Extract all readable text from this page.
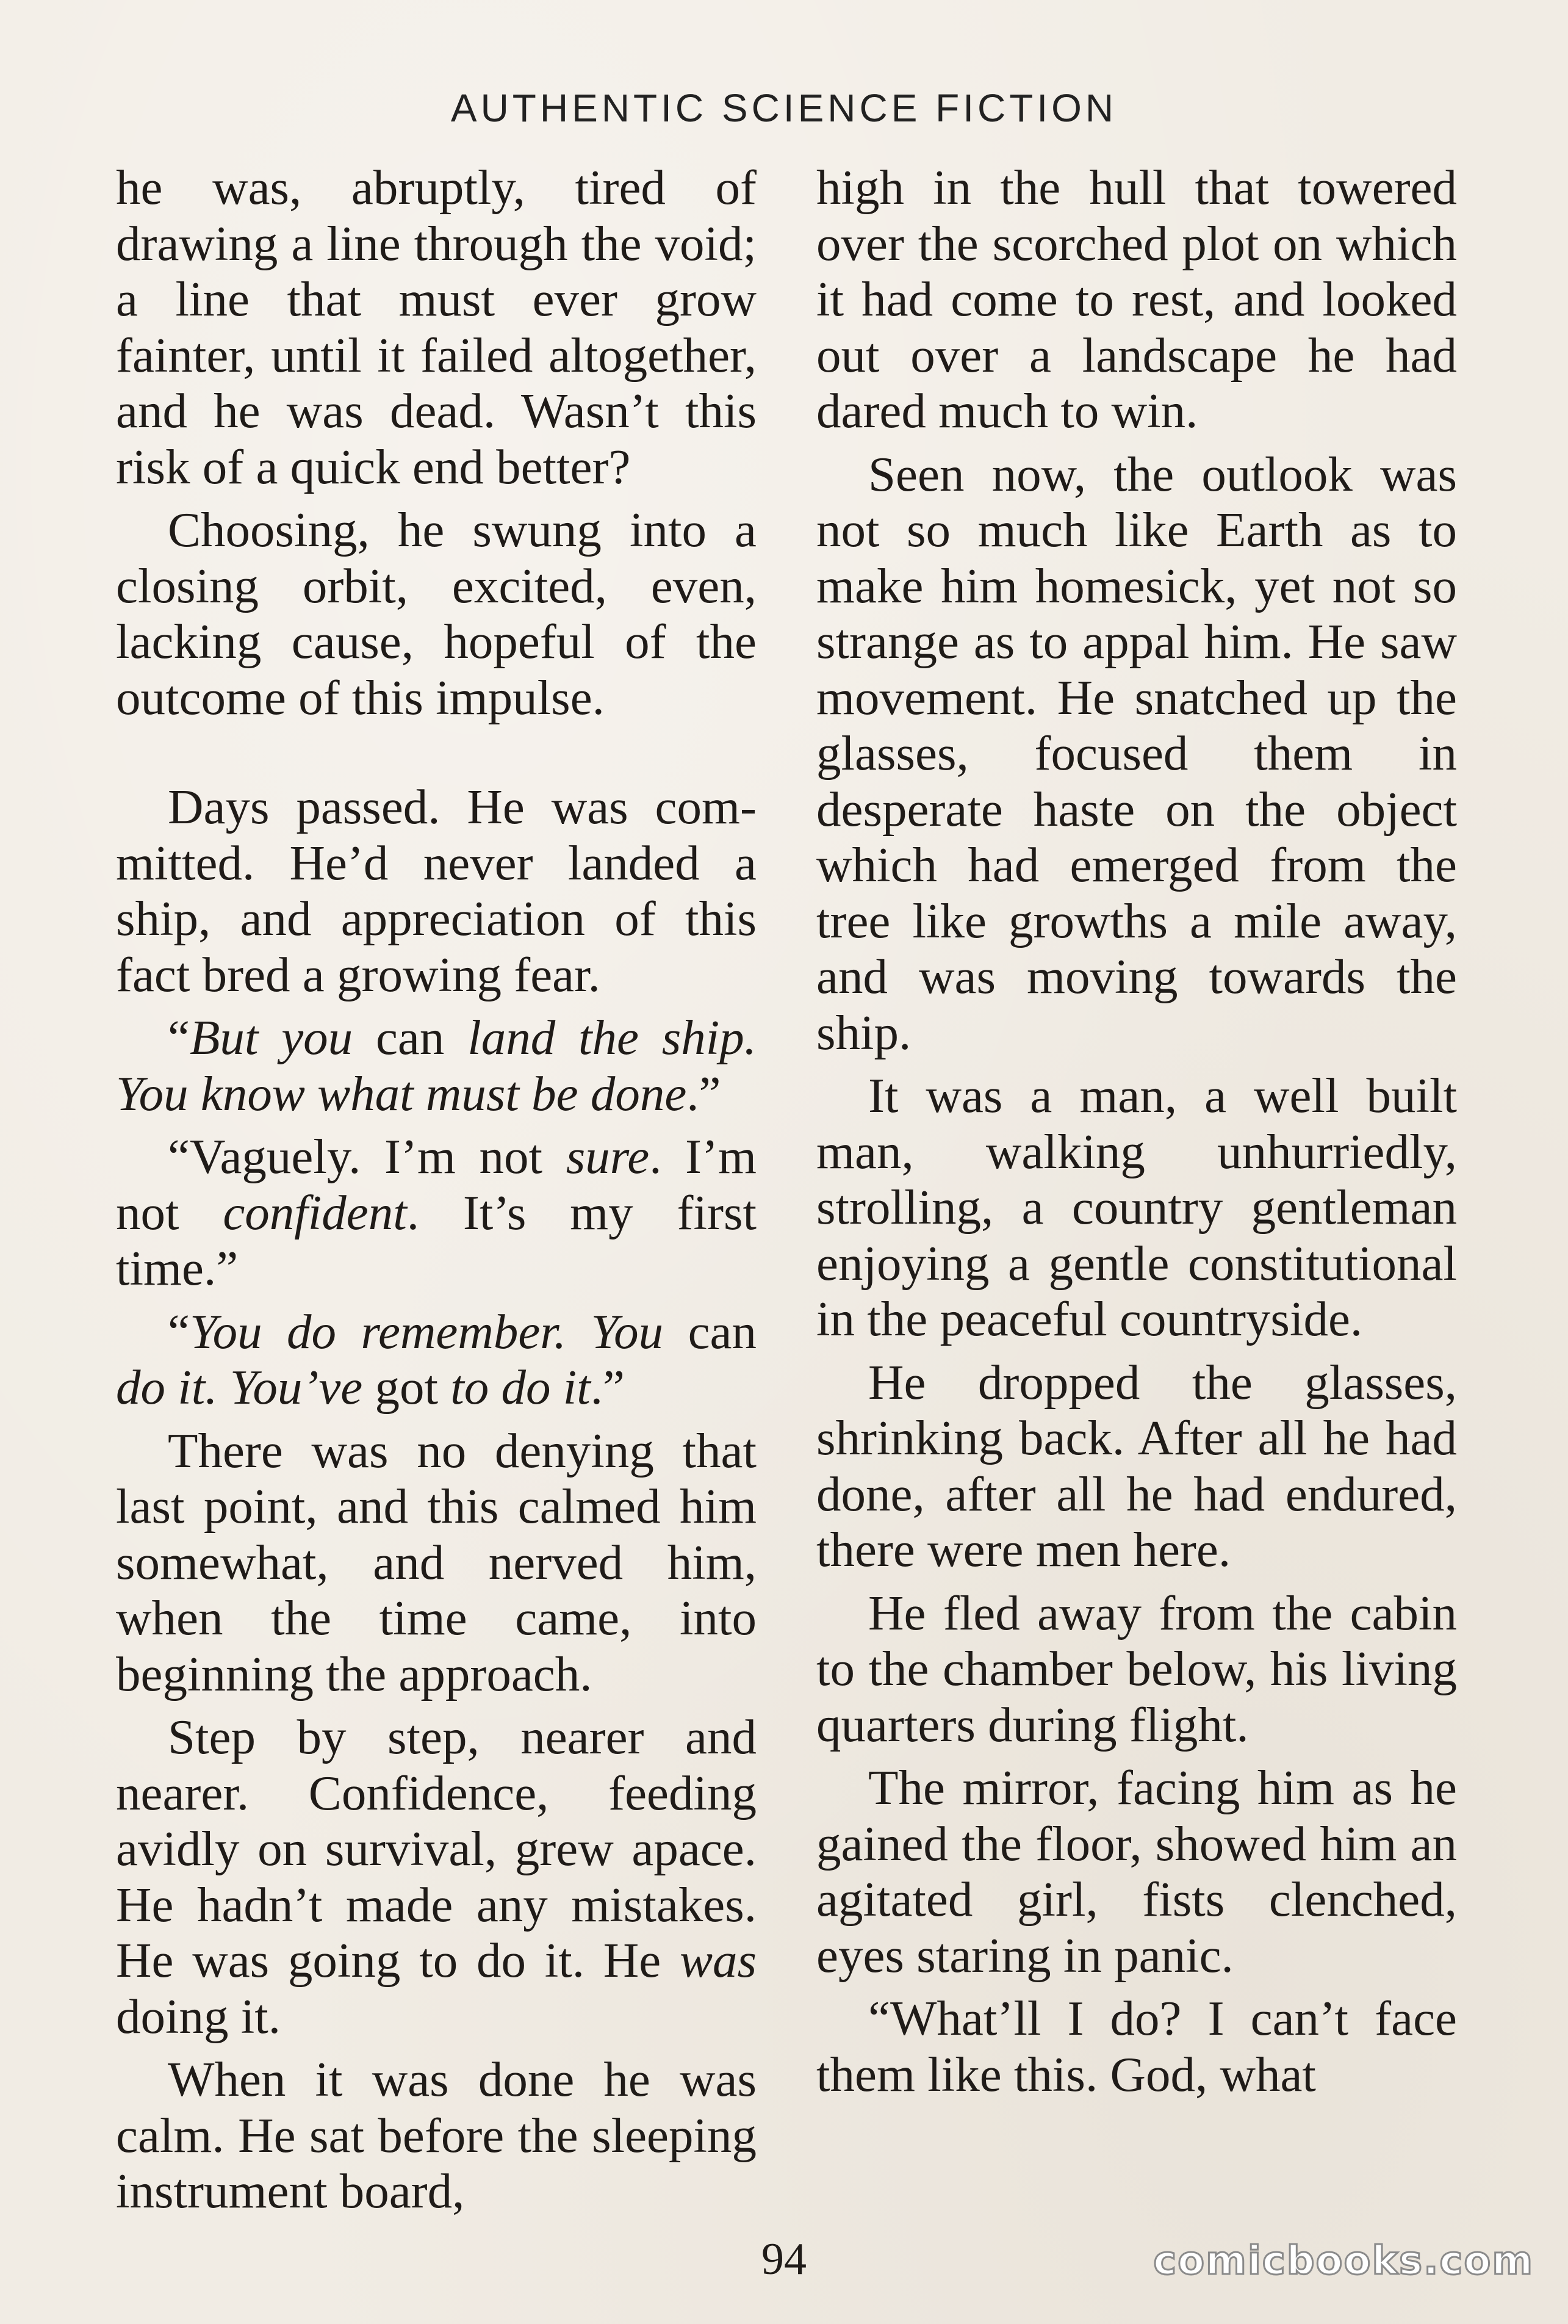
AUTHENTIC SCIENCE FICTION

he was, abruptly, tired of drawing a line through the void; a line that must ever grow fainter, until it failed altogether, and he was dead. Wasn’t this risk of a quick end better?

Choosing, he swung into a closing orbit, excited, even, lacking cause, hopeful of the outcome of this impulse.

Days passed. He was committed. He’d never landed a ship, and appreciation of this fact bred a growing fear.

“But you can land the ship. You know what must be done.”

“Vaguely. I’m not sure. I’m not confident. It’s my first time.”

“You do remember. You can do it. You’ve got to do it.”

There was no denying that last point, and this calmed him somewhat, and nerved him, when the time came, into beginning the approach.

Step by step, nearer and nearer. Confidence, feeding avidly on survival, grew apace. He hadn’t made any mistakes. He was going to do it. He was doing it.

When it was done he was calm. He sat before the sleeping instrument board,

high in the hull that towered over the scorched plot on which it had come to rest, and looked out over a landscape he had dared much to win.

Seen now, the outlook was not so much like Earth as to make him homesick, yet not so strange as to appal him. He saw movement. He snatched up the glasses, focused them in desperate haste on the object which had emerged from the tree like growths a mile away, and was moving towards the ship.

It was a man, a well built man, walking unhurriedly, strolling, a country gentleman enjoying a gentle constitutional in the peaceful countryside.

He dropped the glasses, shrinking back. After all he had done, after all he had endured, there were men here.

He fled away from the cabin to the chamber below, his living quarters during flight.

The mirror, facing him as he gained the floor, showed him an agitated girl, fists clenched, eyes staring in panic.

“What’ll I do? I can’t face them like this. God, what

94	comicbooks.com
